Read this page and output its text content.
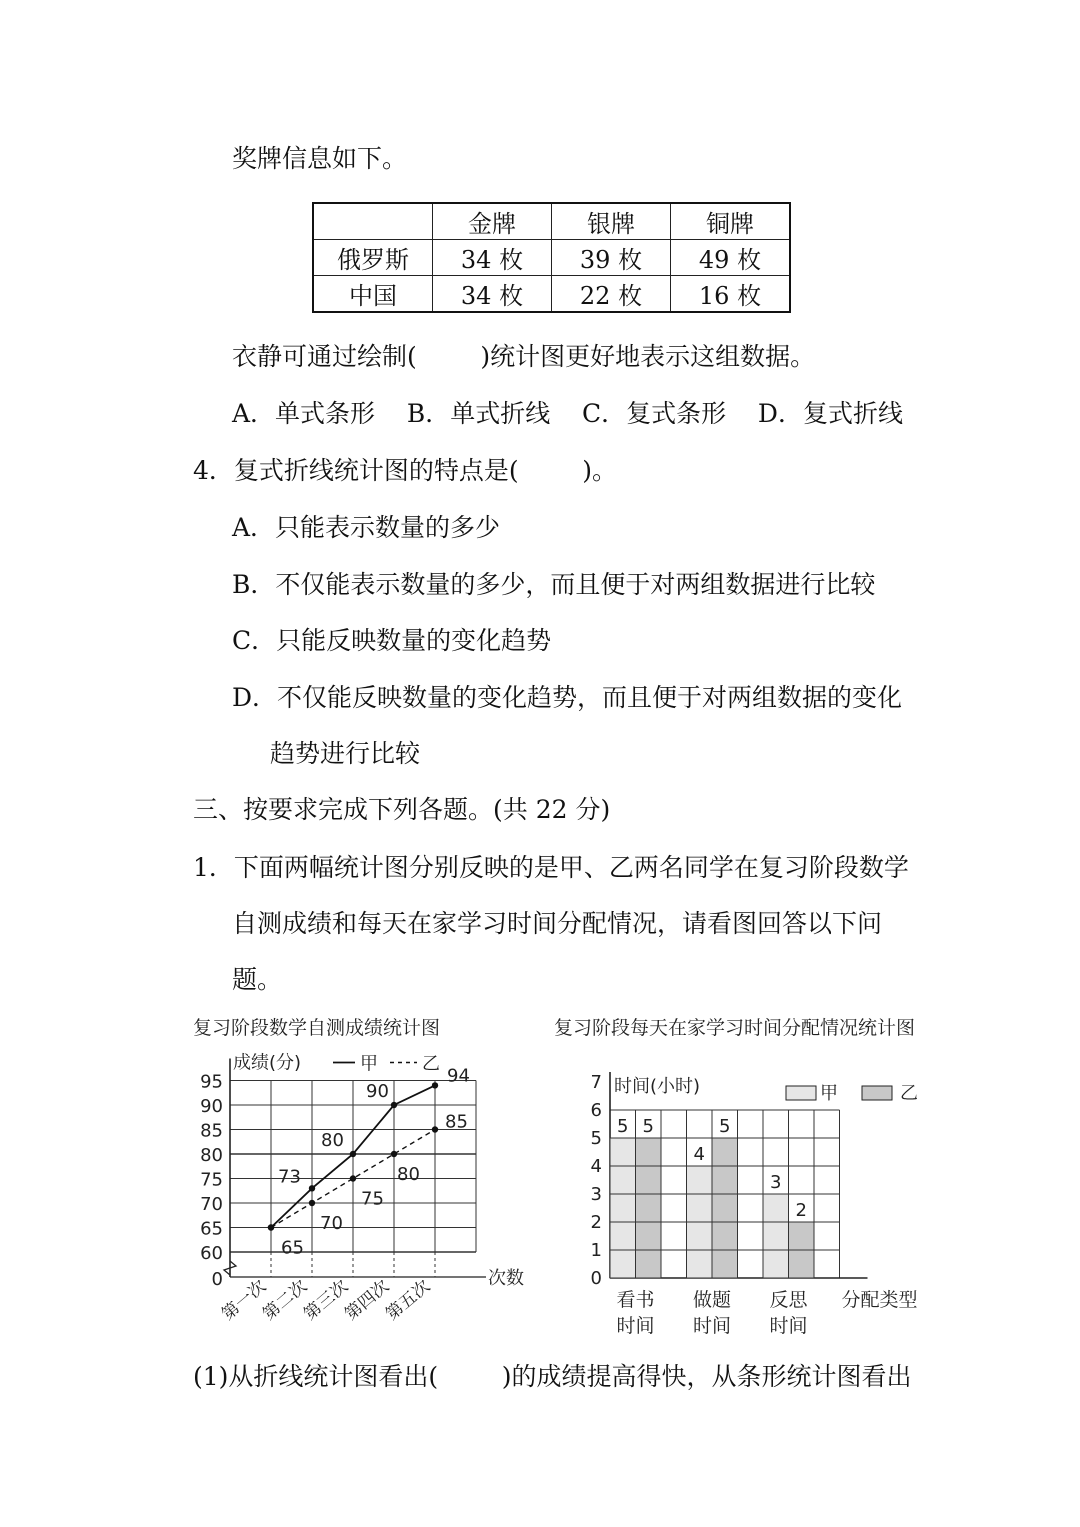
奖牌信息如下。
	金牌	银牌	铜牌
俄罗斯	34 枚	39 枚	49 枚
中国	34 枚	22 枚	16 枚
衣静可通过绘制(        )统计图更好地表示这组数据。
A．单式条形    B．单式折线    C．复式条形    D．复式折线
4．复式折线统计图的特点是(        )。
A．只能表示数量的多少
B．不仅能表示数量的多少，而且便于对两组数据进行比较
C．只能反映数量的变化趋势
D．不仅能反映数量的变化趋势，而且便于对两组数据的变化
趋势进行比较
三、按要求完成下列各题。(共 22 分)
1．下面两幅统计图分别反映的是甲、乙两名同学在复习阶段数学
自测成绩和每天在家学习时间分配情况，请看图回答以下问
题。
复习阶段数学自测成绩统计图
0
60
65
70
75
80
85
90
95
成绩(分)
次数
第一次
第二次
第三次
第四次
第五次
甲 乙
65
73
80
90
94
70
75
80
85
复习阶段每天在家学习时间分配情况统计图
0
1
2
3
4
5
6
7 时间(小时)
看书
时间
做题
时间
反思
时间
分配类型
甲	乙
5 5
4
5
3
2
(1)从折线统计图看出(        )的成绩提高得快，从条形统计图看出
